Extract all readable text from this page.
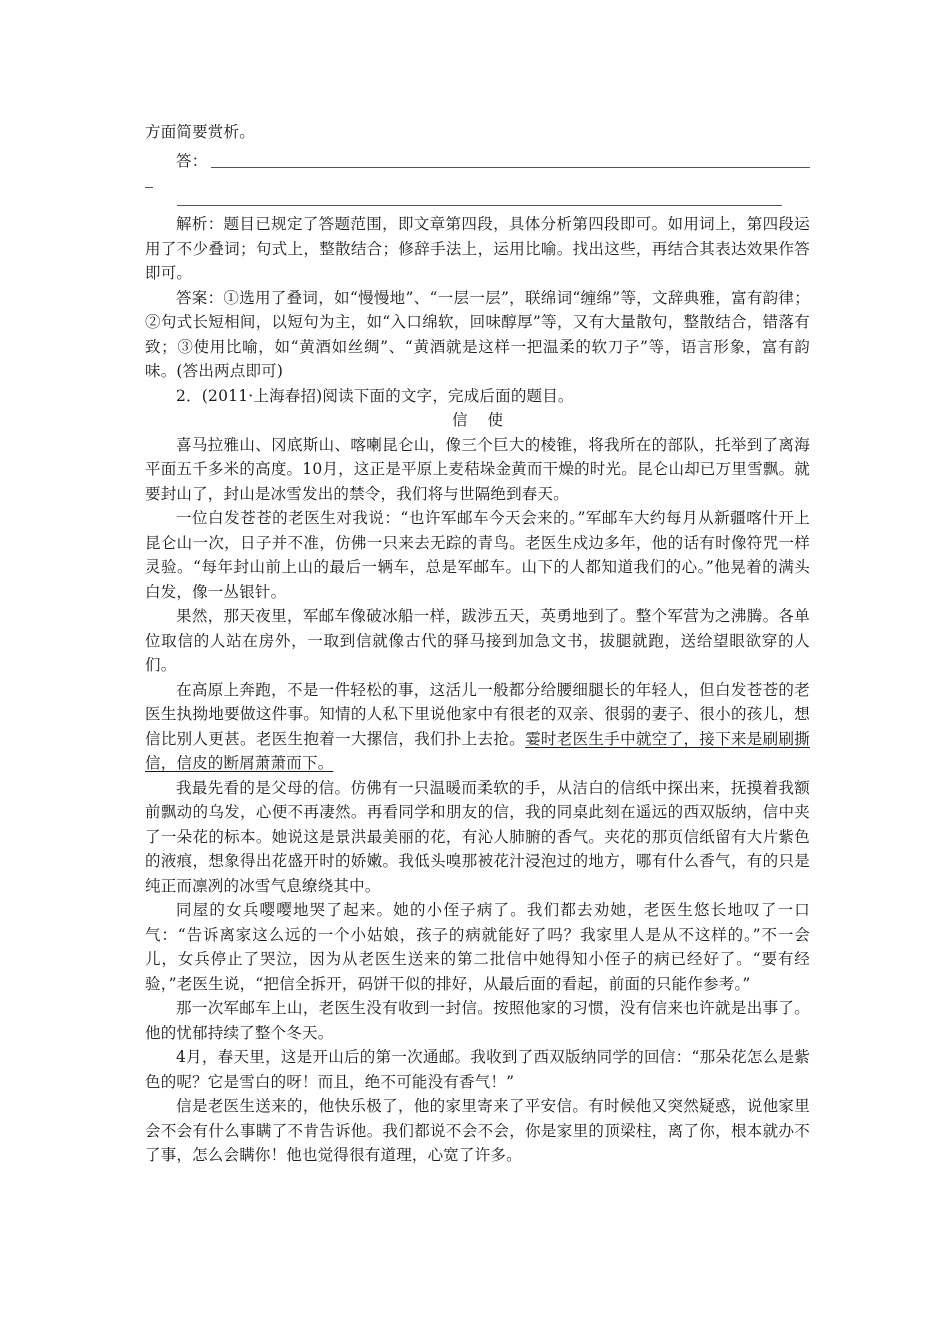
方面简要赏析。

答：

解析：题目已规定了答题范围，即文章第四段，具体分析第四段即可。如用词上，第四段运用了不少叠词；句式上，整散结合；修辞手法上，运用比喻。找出这些，再结合其表达效果作答即可。

答案：①选用了叠词，如“慢慢地”、“一层一层”，联绵词“缠绵”等，文辞典雅，富有韵律；②句式长短相间，以短句为主，如“入口绵软，回味醇厚”等，又有大量散句，整散结合，错落有致；③使用比喻，如“黄酒如丝绸”、“黄酒就是这样一把温柔的软刀子”等，语言形象，富有韵味。(答出两点即可)

2．(2011·上海春招)阅读下面的文字，完成后面的题目。

信使

喜马拉雅山、冈底斯山、喀喇昆仑山，像三个巨大的棱锥，将我所在的部队，托举到了离海平面五千多米的高度。10月，这正是平原上麦秸垛金黄而干燥的时光。昆仑山却已万里雪飘。就要封山了，封山是冰雪发出的禁令，我们将与世隔绝到春天。

一位白发苍苍的老医生对我说：“也许军邮车今天会来的。”军邮车大约每月从新疆喀什开上昆仑山一次，日子并不准，仿佛一只来去无踪的青鸟。老医生戍边多年，他的话有时像符咒一样灵验。“每年封山前上山的最后一辆车，总是军邮车。山下的人都知道我们的心。”他晃着的满头白发，像一丛银针。

果然，那天夜里，军邮车像破冰船一样，跋涉五天，英勇地到了。整个军营为之沸腾。各单位取信的人站在房外，一取到信就像古代的驿马接到加急文书，拔腿就跑，送给望眼欲穿的人们。

在高原上奔跑，不是一件轻松的事，这活儿一般都分给腰细腿长的年轻人，但白发苍苍的老医生执拗地要做这件事。知情的人私下里说他家中有很老的双亲、很弱的妻子、很小的孩儿，想信比别人更甚。老医生抱着一大摞信，我们扑上去抢。霎时老医生手中就空了，接下来是刷刷撕信，信皮的断屑萧萧而下。

我最先看的是父母的信。仿佛有一只温暖而柔软的手，从洁白的信纸中探出来，抚摸着我额前飘动的乌发，心便不再凄然。再看同学和朋友的信，我的同桌此刻在遥远的西双版纳，信中夹了一朵花的标本。她说这是景洪最美丽的花，有沁人肺腑的香气。夹花的那页信纸留有大片紫色的液痕，想象得出花盛开时的娇嫩。我低头嗅那被花汁浸泡过的地方，哪有什么香气，有的只是纯正而凛冽的冰雪气息缭绕其中。

同屋的女兵嘤嘤地哭了起来。她的小侄子病了。我们都去劝她，老医生悠长地叹了一口气：“告诉离家这么远的一个小姑娘，孩子的病就能好了吗？我家里人是从不这样的。”不一会儿，女兵停止了哭泣，因为从老医生送来的第二批信中她得知小侄子的病已经好了。“要有经验，”老医生说，“把信全拆开，码饼干似的排好，从最后面的看起，前面的只能作参考。”

那一次军邮车上山，老医生没有收到一封信。按照他家的习惯，没有信来也许就是出事了。他的忧郁持续了整个冬天。

4月，春天里，这是开山后的第一次通邮。我收到了西双版纳同学的回信：“那朵花怎么是紫色的呢？它是雪白的呀！而且，绝不可能没有香气！”

信是老医生送来的，他快乐极了，他的家里寄来了平安信。有时候他又突然疑惑，说他家里会不会有什么事瞒了不肯告诉他。我们都说不会不会，你是家里的顶梁柱，离了你，根本就办不了事，怎么会瞒你！他也觉得很有道理，心宽了许多。
